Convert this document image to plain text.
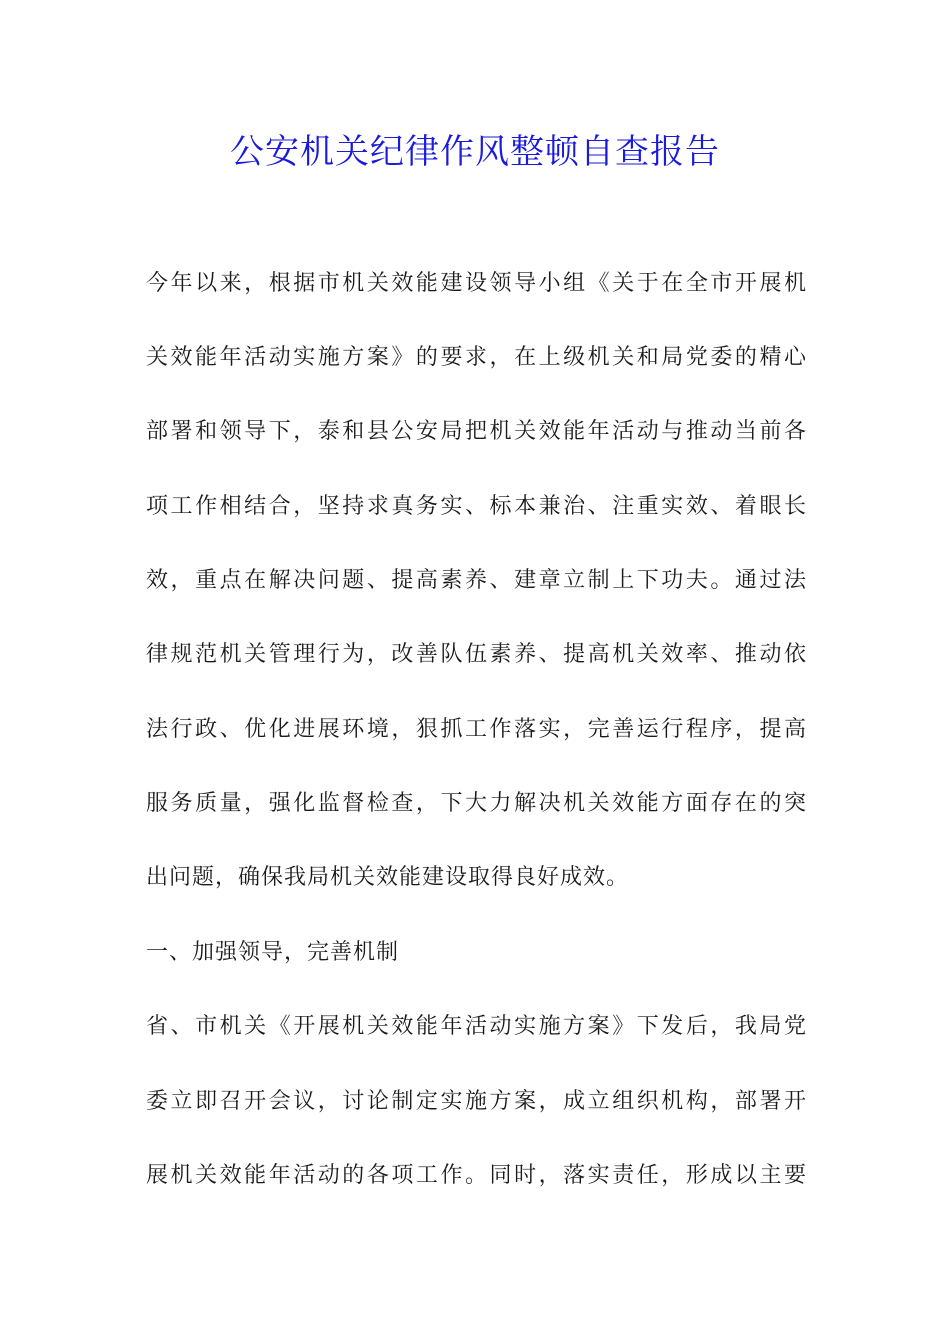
公安机关纪律作风整顿自查报告
今年以来，根据市机关效能建设领导小组《关于在全市开展机
关效能年活动实施方案》的要求，在上级机关和局党委的精心
部署和领导下，泰和县公安局把机关效能年活动与推动当前各
项工作相结合，坚持求真务实、标本兼治、注重实效、着眼长
效，重点在解决问题、提高素养、建章立制上下功夫。通过法
律规范机关管理行为，改善队伍素养、提高机关效率、推动依
法行政、优化进展环境，狠抓工作落实，完善运行程序，提高
服务质量，强化监督检查，下大力解决机关效能方面存在的突
出问题，确保我局机关效能建设取得良好成效。
一、加强领导，完善机制
省、市机关《开展机关效能年活动实施方案》下发后，我局党
委立即召开会议，讨论制定实施方案，成立组织机构，部署开
展机关效能年活动的各项工作。同时，落实责任，形成以主要
